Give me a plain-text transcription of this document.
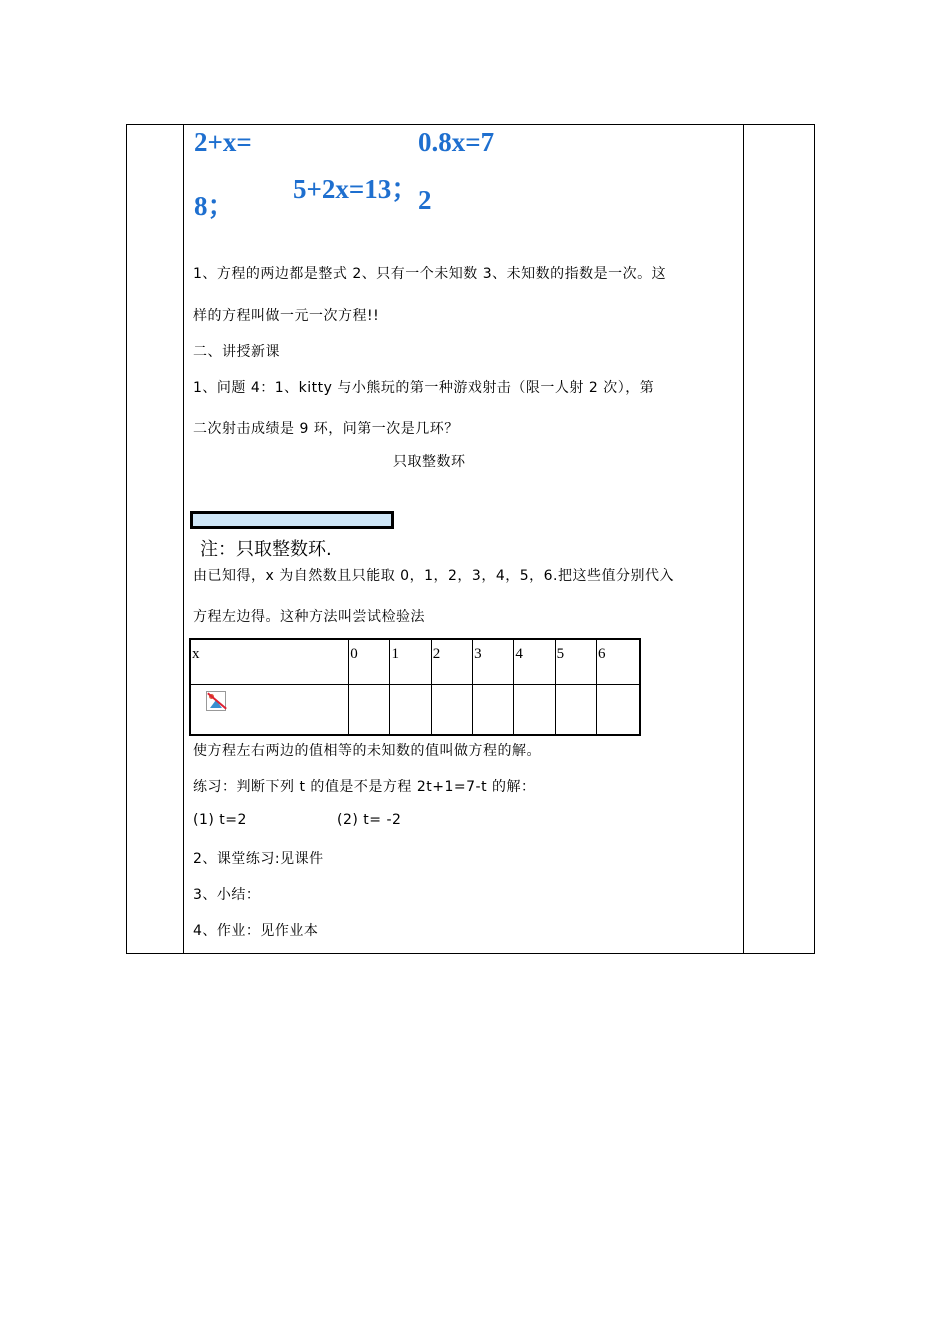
2+x=
8；
5+2x=13；
0.8x=7
2
1、方程的两边都是整式 2、只有一个未知数 3、未知数的指数是一次。这
样的方程叫做一元一次方程!!
二、讲授新课
1、问题 4：1、kitty 与小熊玩的第一种游戏射击（限一人射 2 次），第
二次射击成绩是 9 环，问第一次是几环？
只取整数环
注：只取整数环.
由已知得，x 为自然数且只能取 0，1，2，3，4，5，6.把这些值分别代入
方程左边得。这种方法叫尝试检验法
x	0	1	2	3	4	5	6

使方程左右两边的值相等的未知数的值叫做方程的解。
练习：判断下列 t 的值是不是方程 2t+1=7-t 的解：
(1) t=2	(2) t= -2
2、课堂练习:见课件
3、小结：
4、作业：见作业本
